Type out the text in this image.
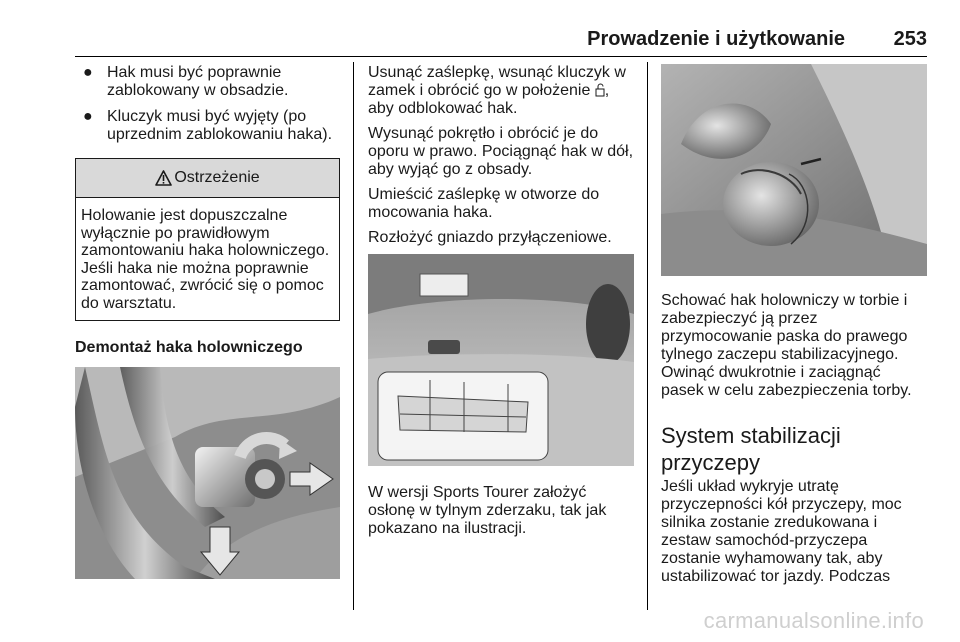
Prowadzenie i użytkowanie 253
● Hak musi być poprawnie zablokowany w obsadzie.
● Kluczyk musi być wyjęty (po uprzednim zablokowaniu haka).
Ostrzeżenie
Holowanie jest dopuszczalne wyłącznie po prawidłowym zamontowaniu haka holowniczego. Jeśli haka nie można poprawnie zamontować, zwrócić się o pomoc do warsztatu.
Demontaż haka holowniczego

Usunąć zaślepkę, wsunąć kluczyk w zamek i obrócić go w położenie , aby odblokować hak.

Wysunąć pokrętło i obrócić je do oporu w prawo. Pociągnąć hak w dół, aby wyjąć go z obsady.

Umieścić zaślepkę w otworze do mocowania haka.

Rozłożyć gniazdo przyłączeniowe.

W wersji Sports Tourer założyć osłonę w tylnym zderzaku, tak jak pokazano na ilustracji.

Schować hak holowniczy w torbie i zabezpieczyć ją przez przymocowanie paska do prawego tylnego zaczepu stabilizacyjnego. Owinąć dwukrotnie i zaciągnąć pasek w celu zabezpieczenia torby.

System stabilizacji przyczepy

Jeśli układ wykryje utratę przyczepności kół przyczepy, moc silnika zostanie zredukowana i zestaw samochód-przyczepa zostanie wyhamowany tak, aby ustabilizować tor jazdy. Podczas

carmanualsonline.info
